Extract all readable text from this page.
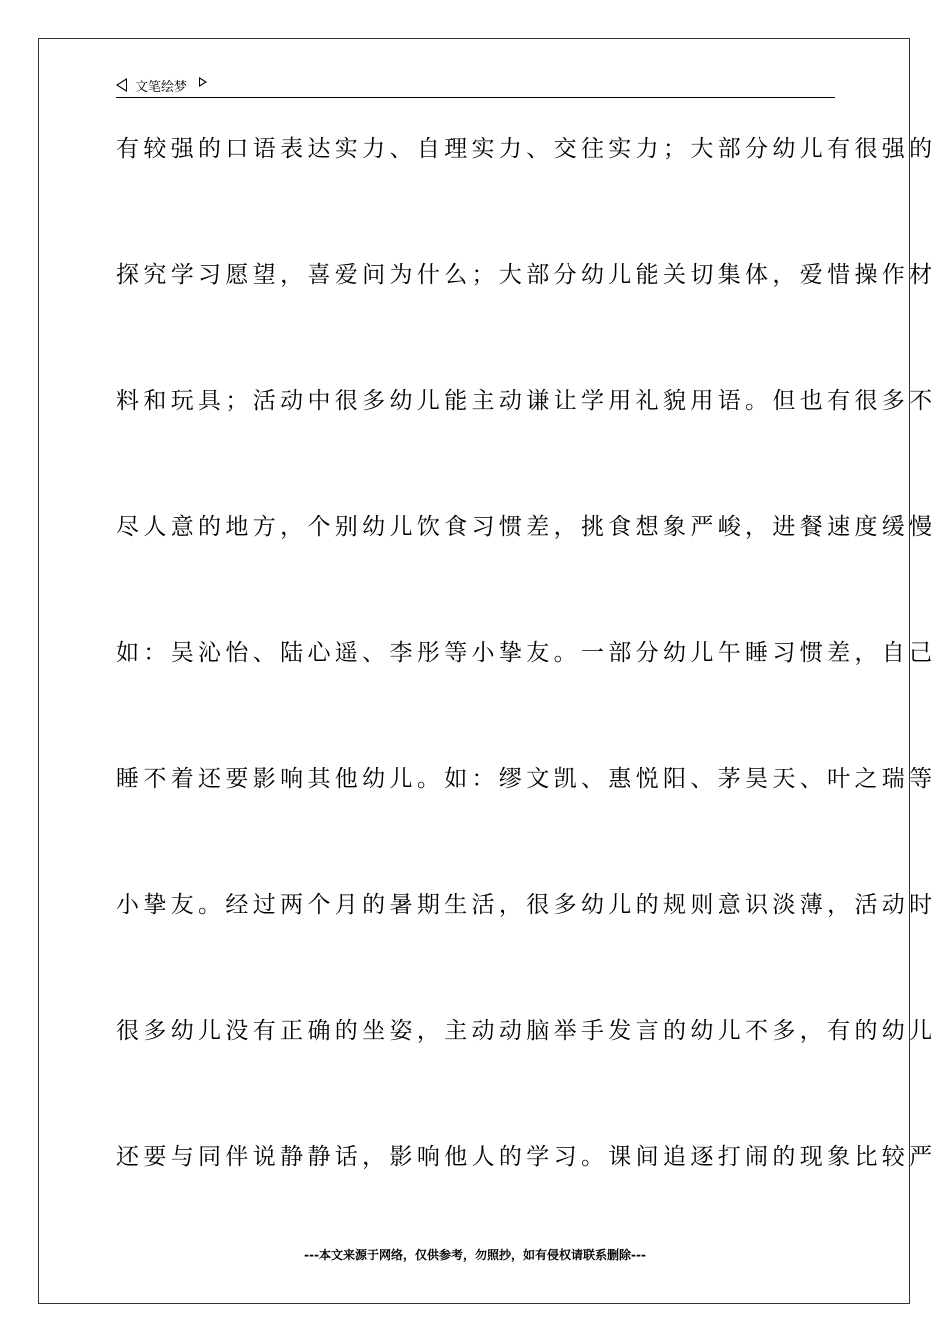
文笔绘梦
有较强的口语表达实力、自理实力、交往实力；大部分幼儿有很强的
探究学习愿望，喜爱问为什么；大部分幼儿能关切集体，爱惜操作材
料和玩具；活动中很多幼儿能主动谦让学用礼貌用语。但也有很多不
尽人意的地方，个别幼儿饮食习惯差，挑食想象严峻，进餐速度缓慢
如：吴沁怡、陆心遥、李彤等小挚友。一部分幼儿午睡习惯差，自己
睡不着还要影响其他幼儿。如：缪文凯、惠悦阳、茅昊天、叶之瑞等
小挚友。经过两个月的暑期生活，很多幼儿的规则意识淡薄，活动时
很多幼儿没有正确的坐姿，主动动脑举手发言的幼儿不多，有的幼儿
还要与同伴说静静话，影响他人的学习。课间追逐打闹的现象比较严
---本文来源于网络，仅供参考，勿照抄，如有侵权请联系删除---
